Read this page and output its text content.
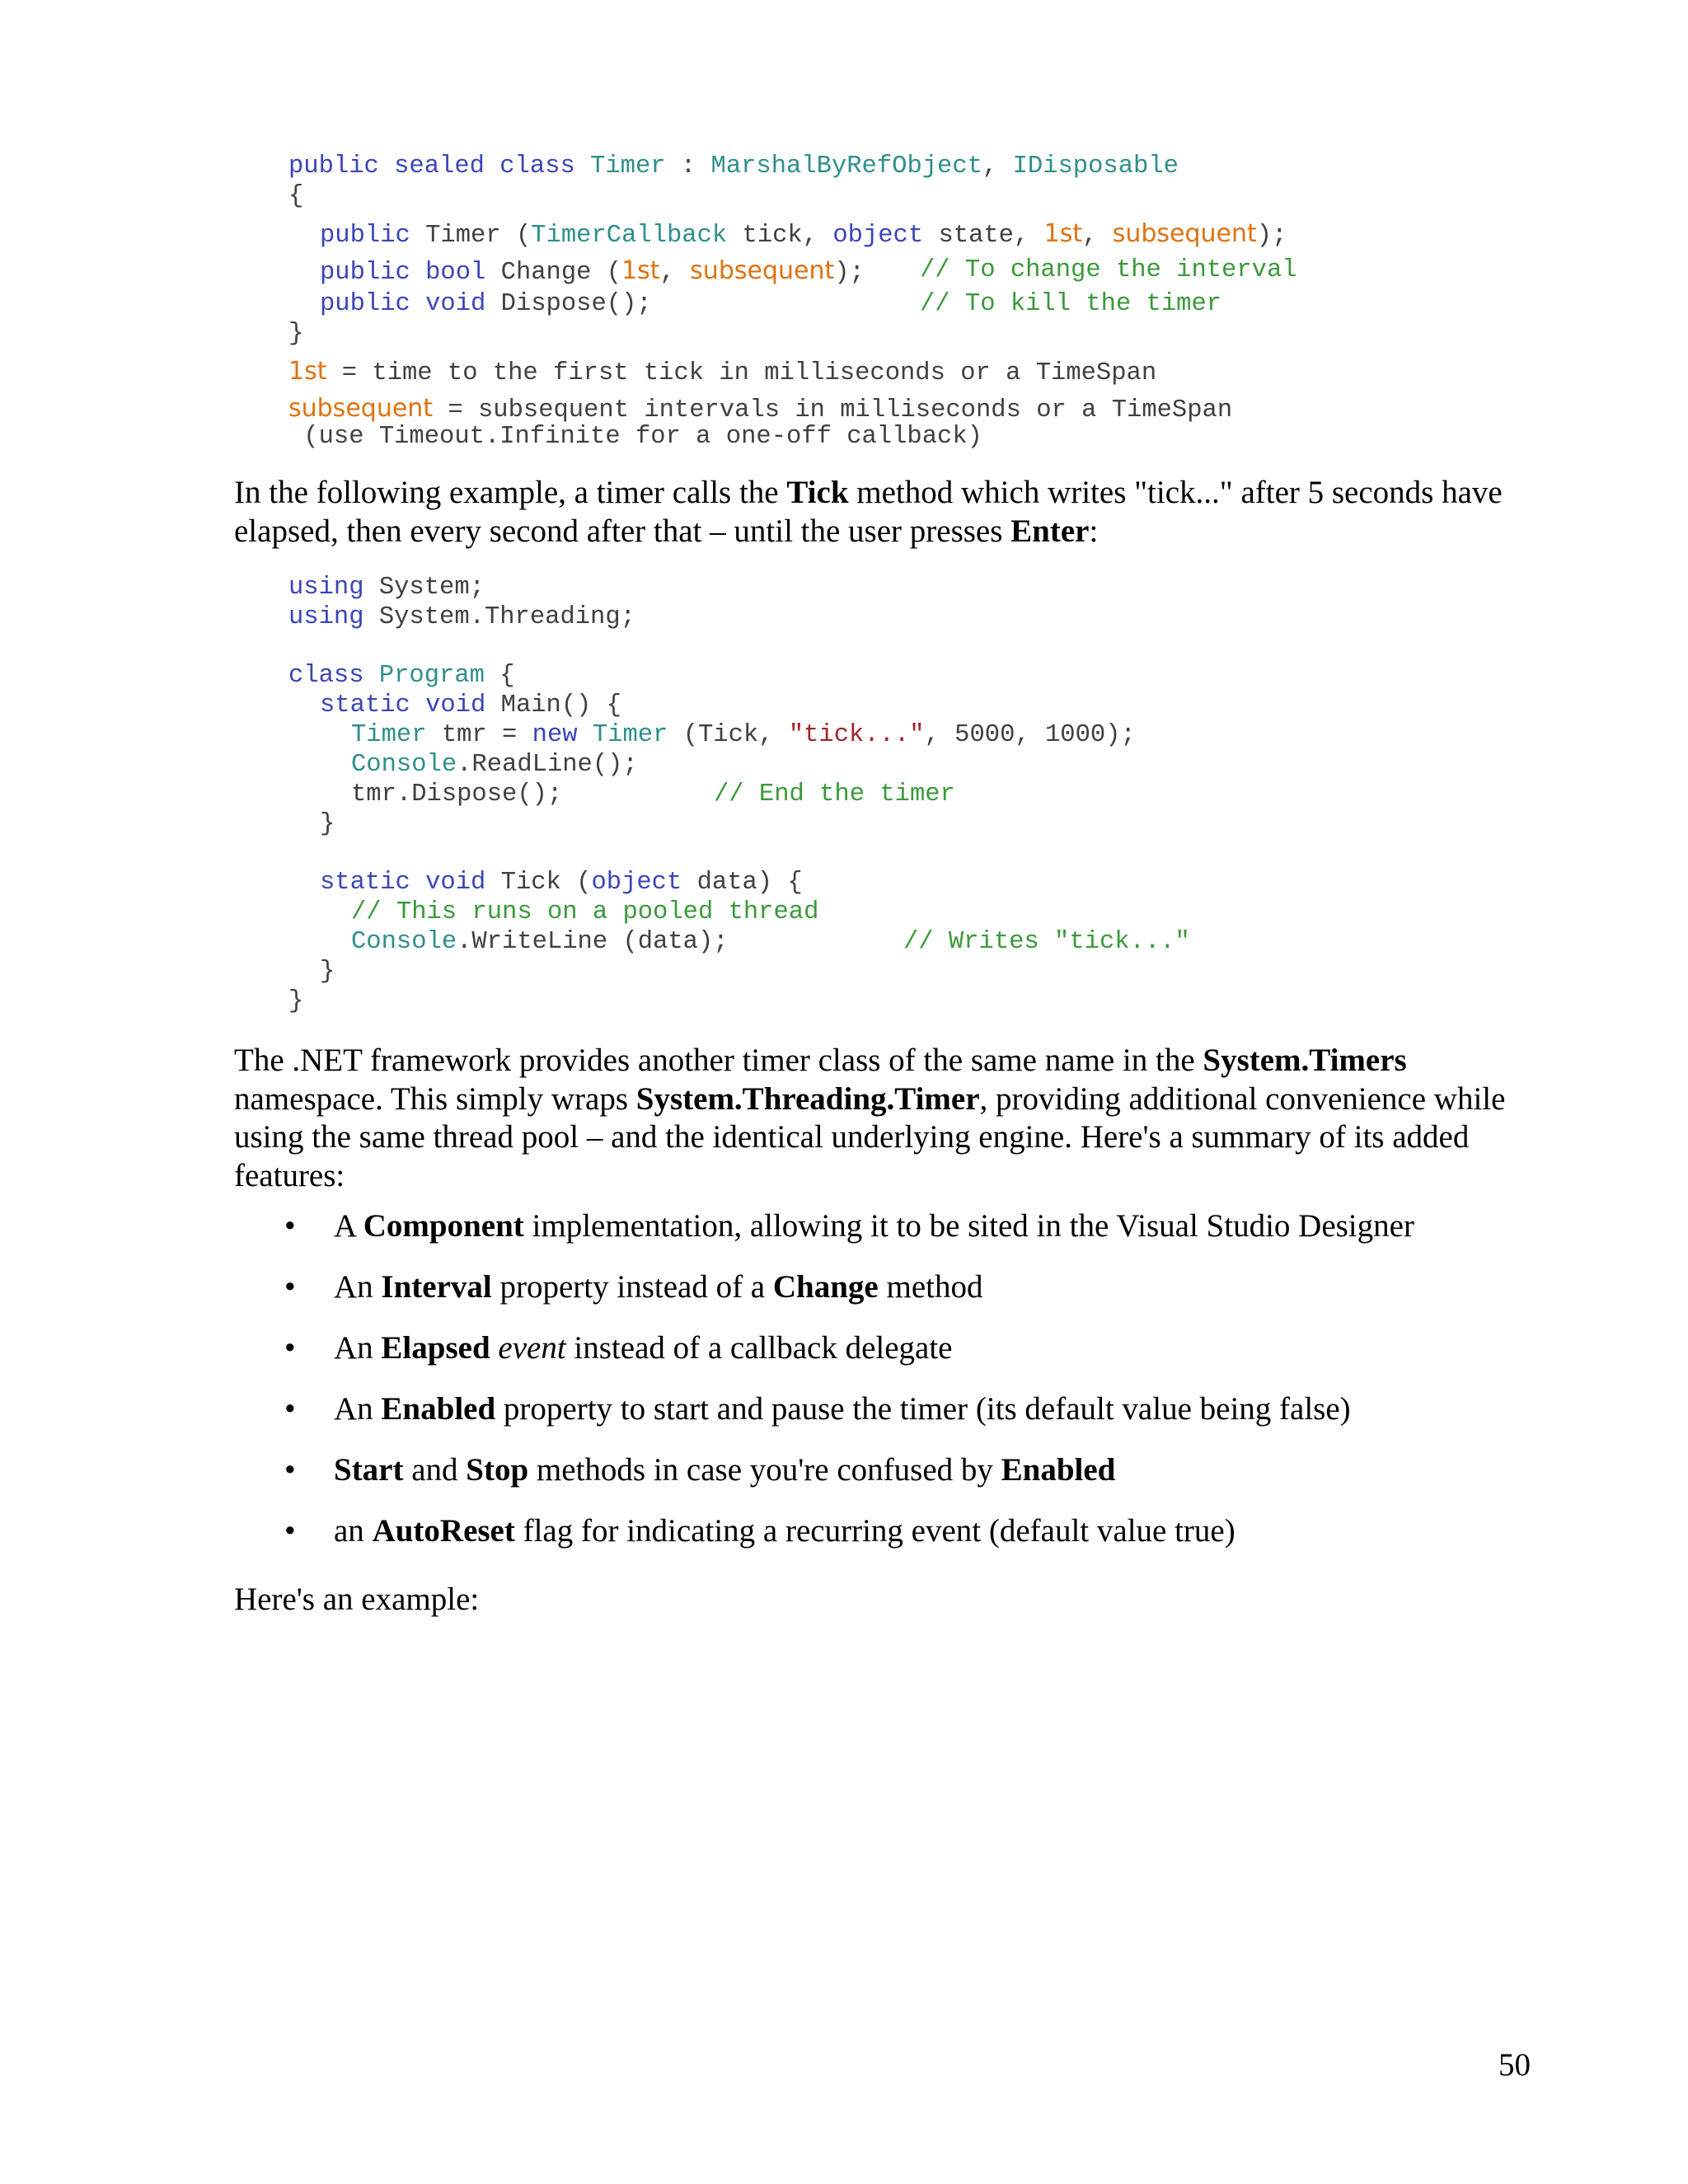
public sealed class Timer : MarshalByRefObject, IDisposable

{

public Timer (TimerCallback tick, object state, 1st, subsequent);

public bool Change (1st, subsequent);

// To change the interval

public void Dispose();

	// To kill the timer

}

1st = time to the first tick in milliseconds or a TimeSpan

subsequent = subsequent intervals in milliseconds or a TimeSpan

(use Timeout.Infinite for a one-off callback)

In the following example, a timer calls the Tick method which writes "tick..." after 5 seconds have elapsed, then every second after that – until the user presses Enter:

using System;

using System.Threading;

class Program {

static void Main() {

Timer tmr = new Timer (Tick, "tick...", 5000, 1000);

Console.ReadLine();

tmr.Dispose();

	// End the timer

}

static void Tick (object data) {

// This runs on a pooled thread

Console.WriteLine (data);

	// Writes "tick..."

}

}

The .NET framework provides another timer class of the same name in the System.Timers namespace. This simply wraps System.Threading.Timer, providing additional convenience while using the same thread pool – and the identical underlying engine. Here's a summary of its added features:

• A Component implementation, allowing it to be sited in the Visual Studio Designer
• An Interval property instead of a Change method
• An Elapsed event instead of a callback delegate
• An Enabled property to start and pause the timer (its default value being false)
• Start and Stop methods in case you're confused by Enabled
• an AutoReset flag for indicating a recurring event (default value true)

Here's an example:

50
